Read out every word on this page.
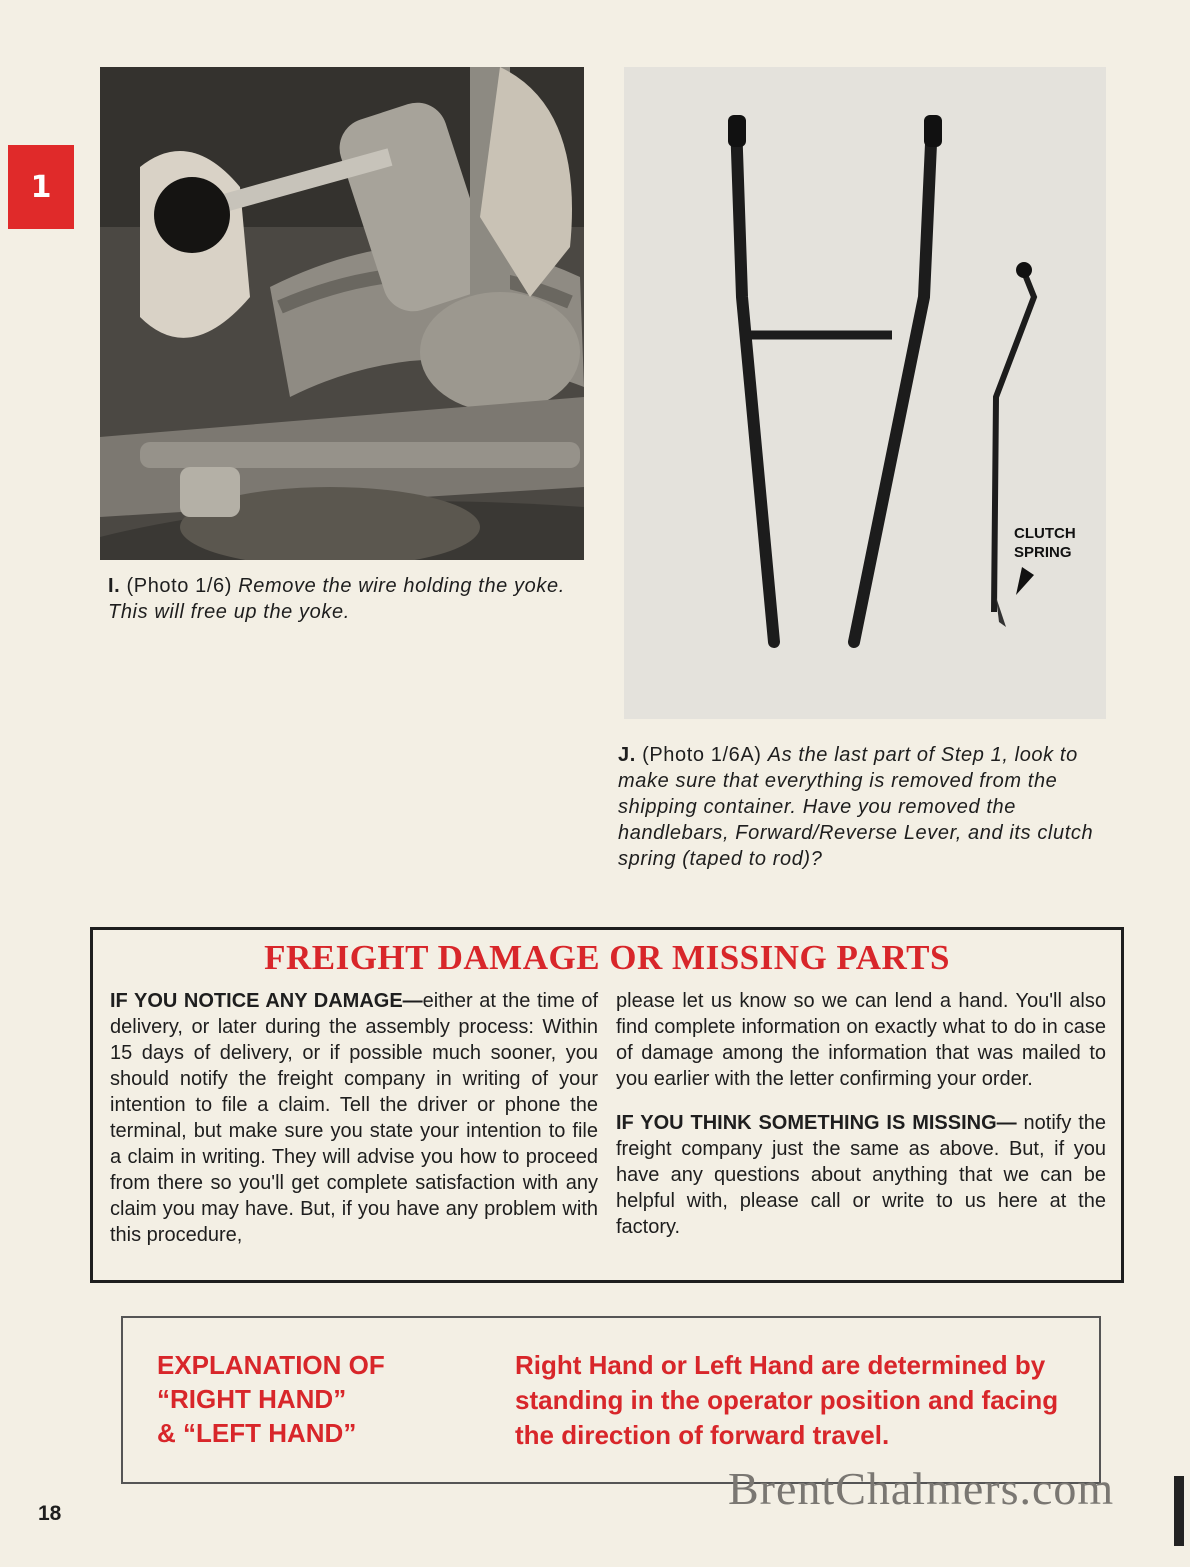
1
I. (Photo 1/6) Remove the wire holding the yoke. This will free up the yoke.
CLUTCH
SPRING
J. (Photo 1/6A) As the last part of Step 1, look to make sure that everything is removed from the shipping container. Have you removed the handlebars, Forward/Reverse Lever, and its clutch spring (taped to rod)?
FREIGHT DAMAGE OR MISSING PARTS

IF YOU NOTICE ANY DAMAGE—either at the time of delivery, or later during the assembly process: Within 15 days of delivery, or if possible much sooner, you should notify the freight company in writing of your intention to file a claim. Tell the driver or phone the terminal, but make sure you state your intention to file a claim in writing. They will advise you how to proceed from there so you'll get complete satisfaction with any claim you may have. But, if you have any problem with this procedure,

please let us know so we can lend a hand. You'll also find complete information on exactly what to do in case of damage among the information that was mailed to you earlier with the letter confirming your order.

IF YOU THINK SOMETHING IS MISSING— notify the freight company just the same as above. But, if you have any questions about anything that we can be helpful with, please call or write to us here at the factory.

EXPLANATION OF
“RIGHT HAND”
& “LEFT HAND”
Right Hand or Left Hand are determined by standing in the operator position and facing the direction of forward travel.
BrentChalmers.com
18
